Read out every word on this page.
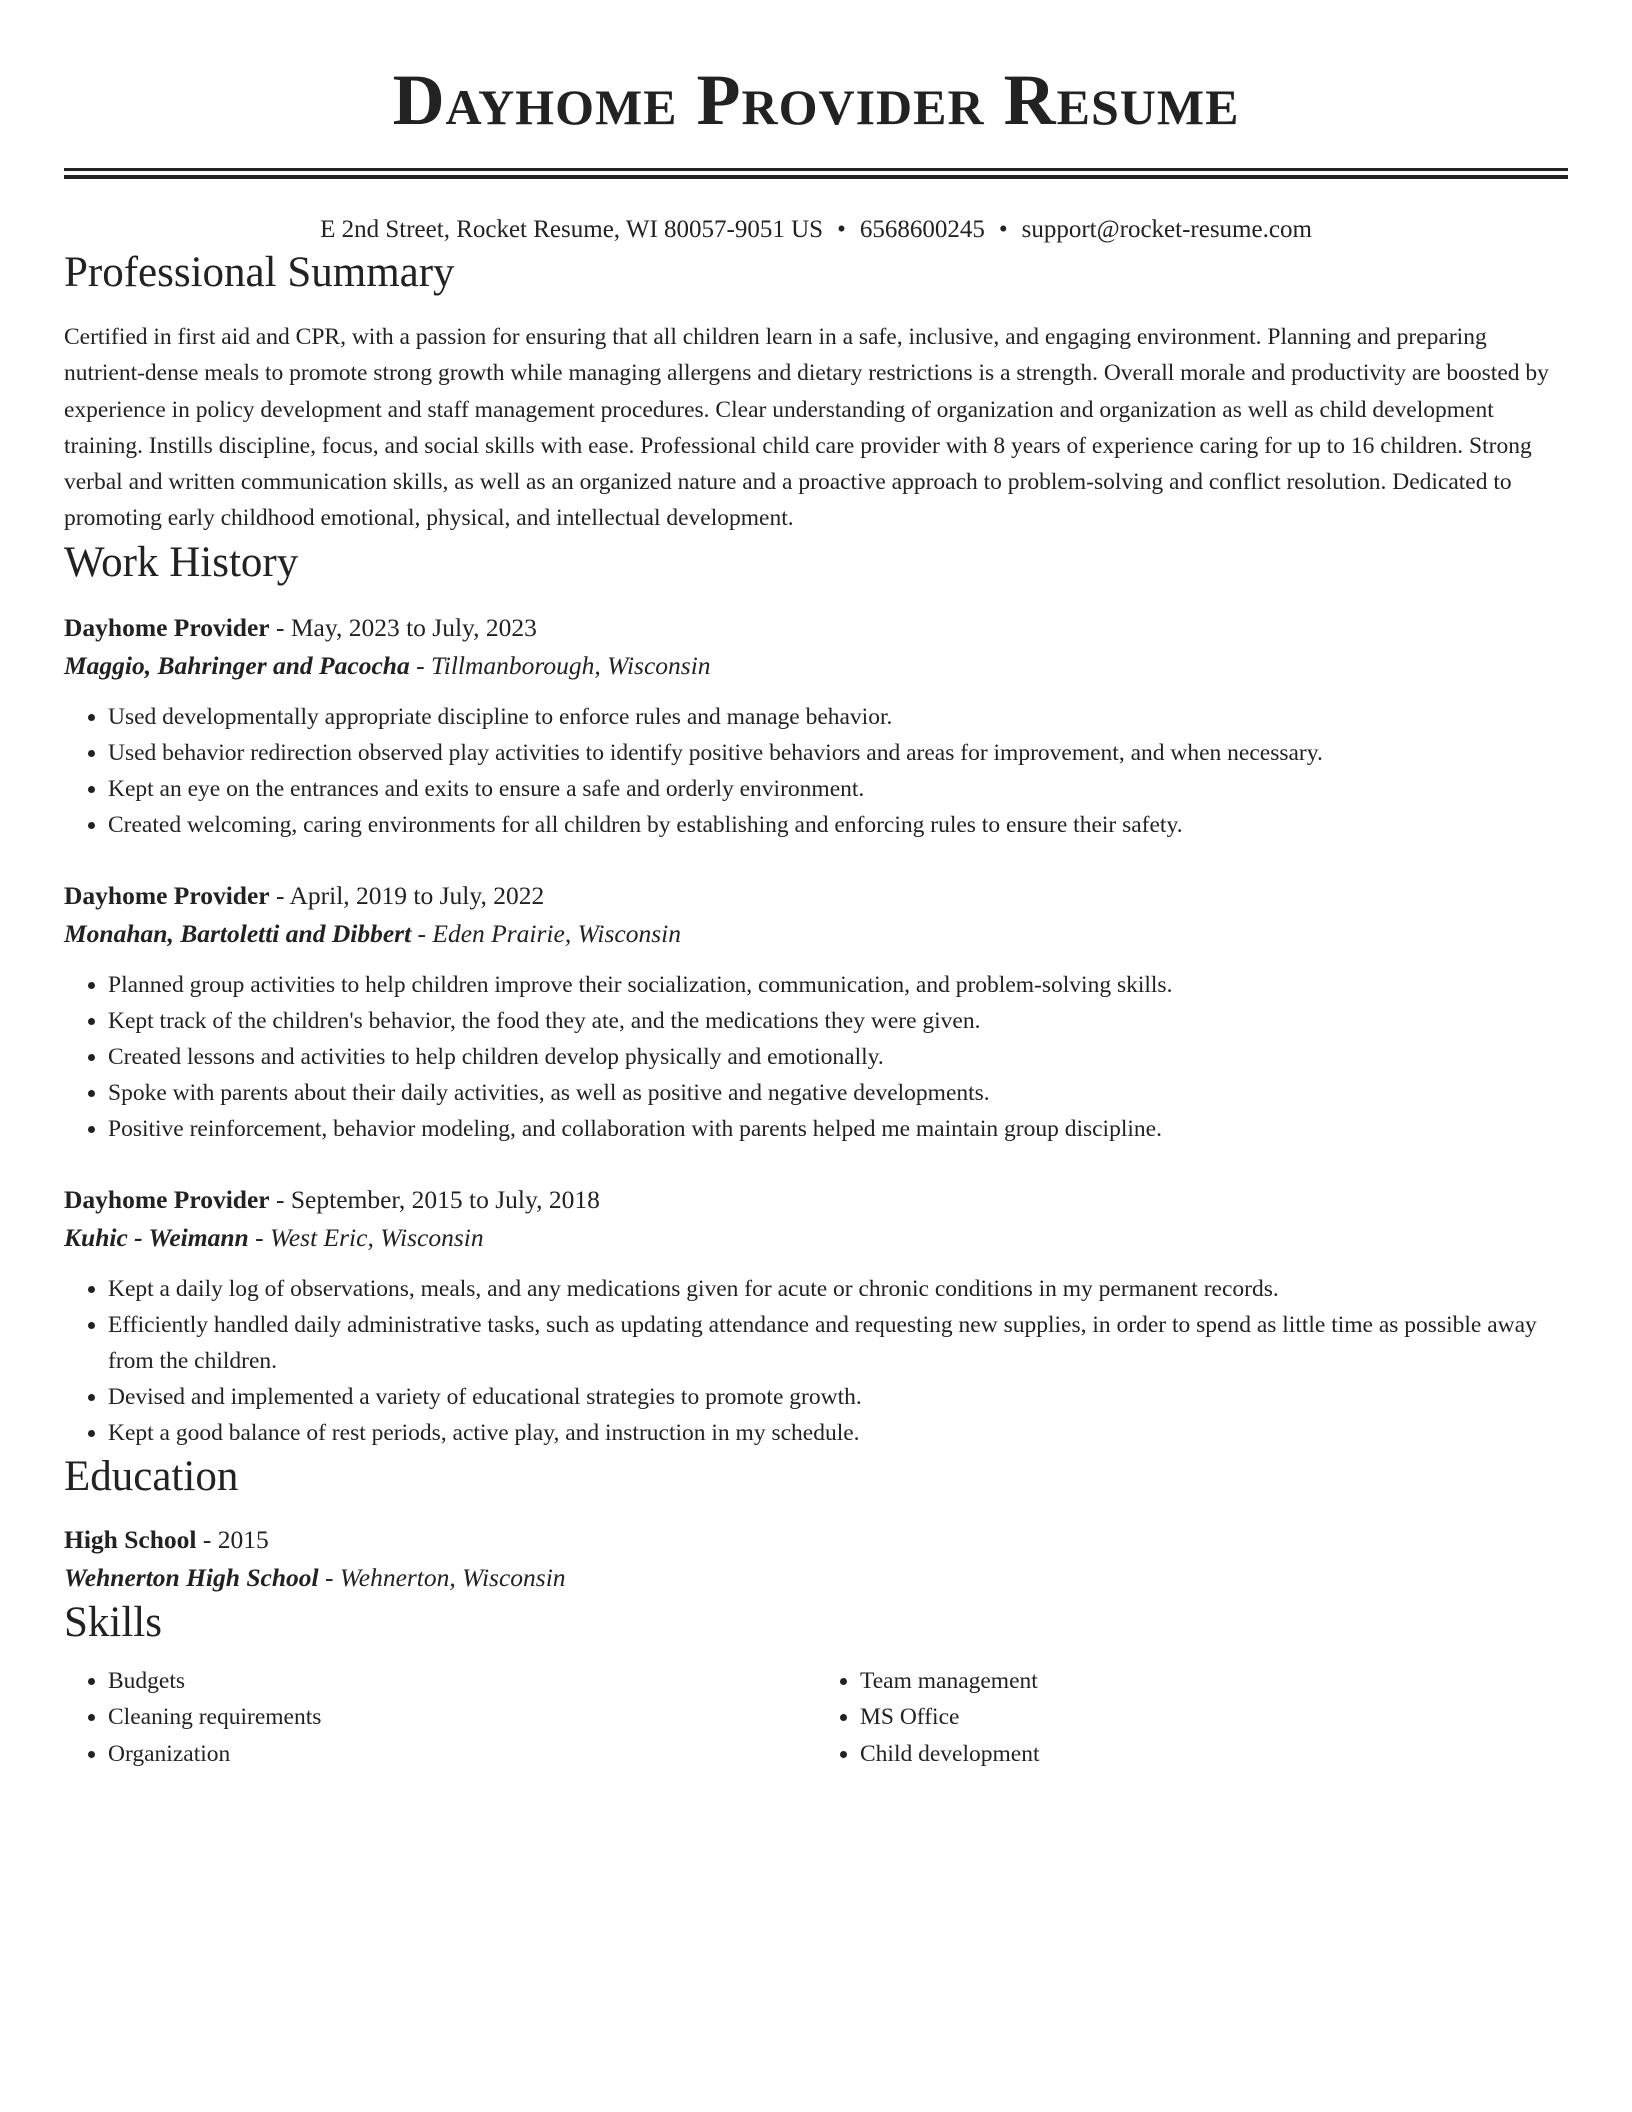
Dayhome Provider Resume
E 2nd Street, Rocket Resume, WI 80057-9051 US • 6568600245 • support@rocket-resume.com
Professional Summary

Certified in first aid and CPR, with a passion for ensuring that all children learn in a safe, inclusive, and engaging environment. Planning and preparing nutrient-dense meals to promote strong growth while managing allergens and dietary restrictions is a strength. Overall morale and productivity are boosted by experience in policy development and staff management procedures. Clear understanding of organization and organization as well as child development training. Instills discipline, focus, and social skills with ease. Professional child care provider with 8 years of experience caring for up to 16 children. Strong verbal and written communication skills, as well as an organized nature and a proactive approach to problem-solving and conflict resolution. Dedicated to promoting early childhood emotional, physical, and intellectual development.

Work History
Dayhome Provider - May, 2023 to July, 2023
Maggio, Bahringer and Pacocha - Tillmanborough, Wisconsin
• Used developmentally appropriate discipline to enforce rules and manage behavior.
• Used behavior redirection observed play activities to identify positive behaviors and areas for improvement, and when necessary.
• Kept an eye on the entrances and exits to ensure a safe and orderly environment.
• Created welcoming, caring environments for all children by establishing and enforcing rules to ensure their safety.
Dayhome Provider - April, 2019 to July, 2022
Monahan, Bartoletti and Dibbert - Eden Prairie, Wisconsin
• Planned group activities to help children improve their socialization, communication, and problem-solving skills.
• Kept track of the children's behavior, the food they ate, and the medications they were given.
• Created lessons and activities to help children develop physically and emotionally.
• Spoke with parents about their daily activities, as well as positive and negative developments.
• Positive reinforcement, behavior modeling, and collaboration with parents helped me maintain group discipline.
Dayhome Provider - September, 2015 to July, 2018
Kuhic - Weimann - West Eric, Wisconsin
• Kept a daily log of observations, meals, and any medications given for acute or chronic conditions in my permanent records.
• Efficiently handled daily administrative tasks, such as updating attendance and requesting new supplies, in order to spend as little time as possible away from the children.
• Devised and implemented a variety of educational strategies to promote growth.
• Kept a good balance of rest periods, active play, and instruction in my schedule.
Education
High School - 2015
Wehnerton High School - Wehnerton, Wisconsin
Skills
• Budgets
• Cleaning requirements
• Organization
• Team management
• MS Office
• Child development
